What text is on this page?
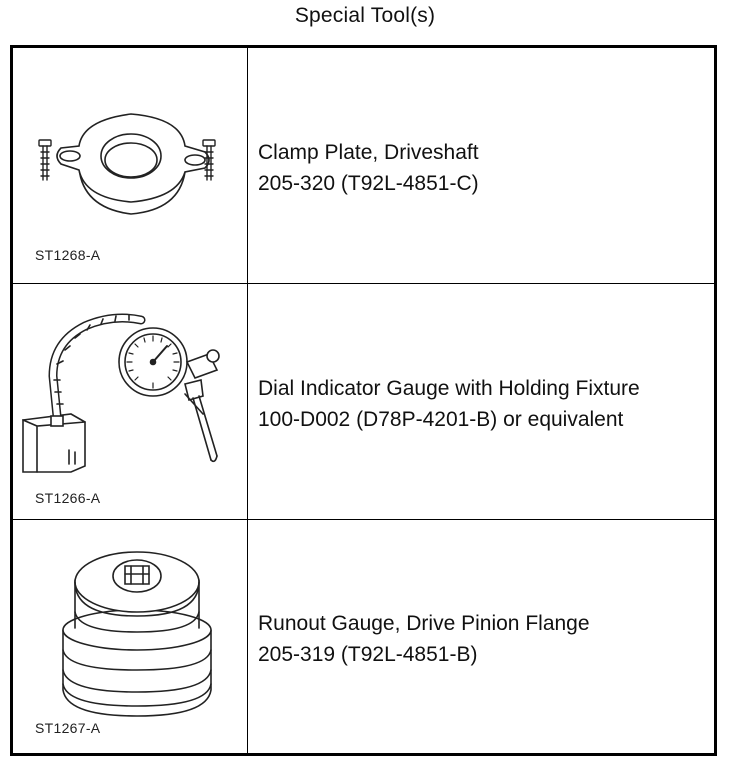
Special Tool(s)
ST1268-A
Clamp Plate, Driveshaft
205-320 (T92L-4851-C)
ST1266-A
Dial Indicator Gauge with Holding Fixture
100-D002 (D78P-4201-B) or equivalent
ST1267-A
Runout Gauge, Drive Pinion Flange
205-319 (T92L-4851-B)
